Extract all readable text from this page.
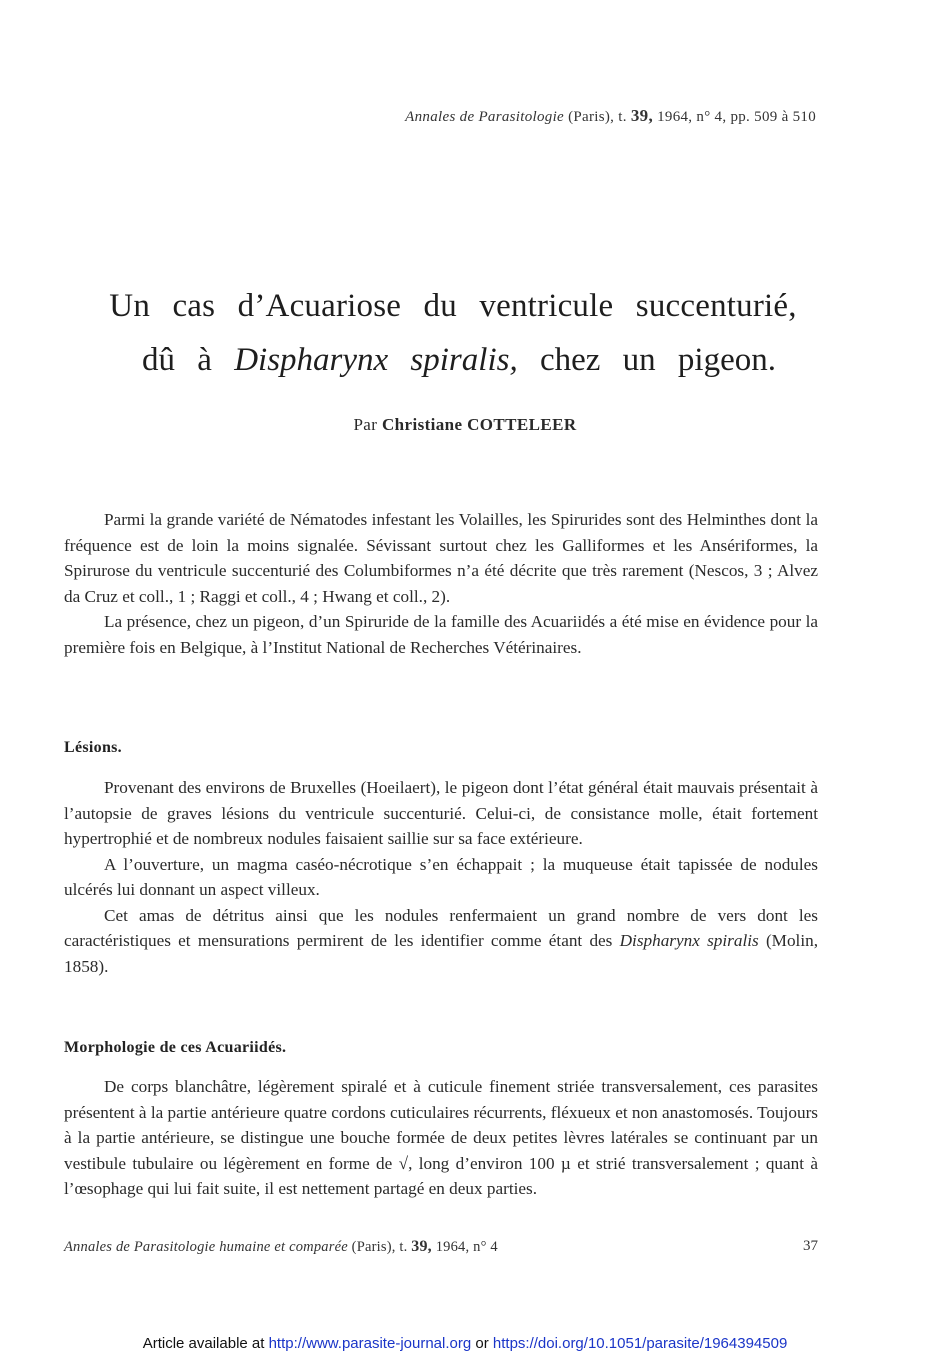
Annales de Parasitologie (Paris), t. 39, 1964, n° 4, pp. 509 à 510
Un cas d’Acuariose du ventricule succenturié,
dû à Dispharynx spiralis, chez un pigeon.
Par Christiane COTTELEER

Parmi la grande variété de Nématodes infestant les Volailles, les Spirurides sont des Helminthes dont la fréquence est de loin la moins signalée. Sévissant surtout chez les Galliformes et les Ansériformes, la Spirurose du ventricule succenturié des Columbiformes n’a été décrite que très rarement (Nescos, 3 ; Alvez da Cruz et coll., 1 ; Raggi et coll., 4 ; Hwang et coll., 2).

La présence, chez un pigeon, d’un Spiruride de la famille des Acuariidés a été mise en évidence pour la première fois en Belgique, à l’Institut National de Recherches Vétérinaires.

Lésions.

Provenant des environs de Bruxelles (Hoeilaert), le pigeon dont l’état général était mauvais présentait à l’autopsie de graves lésions du ventricule succenturié. Celui-ci, de consistance molle, était fortement hypertrophié et de nombreux nodules faisaient saillie sur sa face extérieure.

A l’ouverture, un magma caséo-nécrotique s’en échappait ; la muqueuse était tapissée de nodules ulcérés lui donnant un aspect villeux.

Cet amas de détritus ainsi que les nodules renfermaient un grand nombre de vers dont les caractéristiques et mensurations permirent de les identifier comme étant des Dispharynx spiralis (Molin, 1858).

Morphologie de ces Acuariidés.

De corps blanchâtre, légèrement spiralé et à cuticule finement striée transversalement, ces parasites présentent à la partie antérieure quatre cordons cuticulaires récurrents, fléxueux et non anastomosés. Toujours à la partie antérieure, se distingue une bouche formée de deux petites lèvres latérales se continuant par un vestibule tubulaire ou légèrement en forme de √, long d’environ 100 µ et strié transversalement ; quant à l’œsophage qui lui fait suite, il est nettement partagé en deux parties.

Annales de Parasitologie humaine et comparée (Paris), t. 39, 1964, n° 4	37
Article available at http://www.parasite-journal.org or https://doi.org/10.1051/parasite/1964394509
